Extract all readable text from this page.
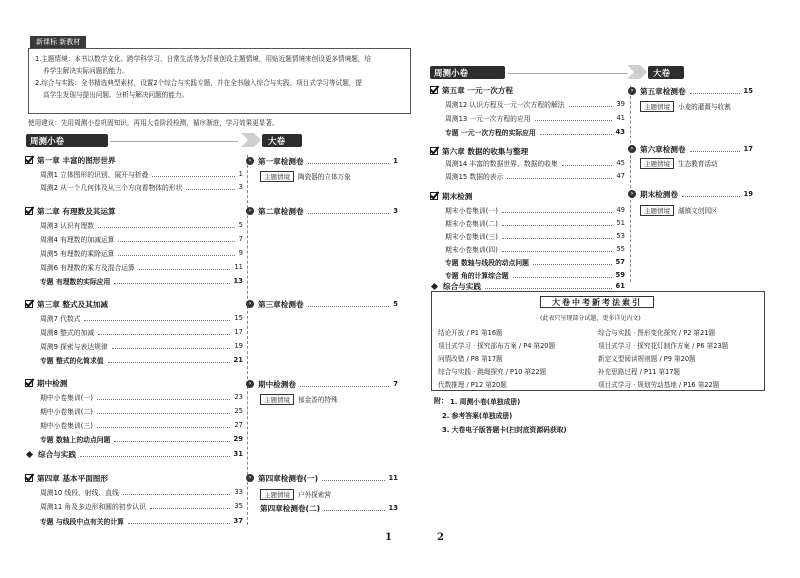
新课标 新教材
1.主题情境：本书以数学文化、跨学科学习、日常生活等为背景创设主题情境，用贴近题情境来创设更多情境题，培
养学生解决实际问题的能力。
2.综合与实践：全书精选典型素材，设置2个综合与实践专题，并在全书融入综合与实践、项目式学习等试题，提
高学生发现与提出问题、分析与解决问题的能力。
使用建议：先用周测小卷巩固知识，再用大卷阶段检测，循序渐进，学习效果更显著。
周测小卷	大卷
第一章 丰富的图形世界
周测1 立体图形的识别、展开与折叠	1
周测2 从一个几何体及从三个方向看物体的形状	3
第二章 有理数及其运算
周测3 认识有理数	5
周测4 有理数的加减运算	7
周测5 有理数的乘除运算	9
周测6 有理数的乘方及混合运算	11
专题 有理数的实际应用	13
第三章 整式及其加减
周测7 代数式	15
周测8 整式的加减	17
周测9 探索与表达规律	19
专题 整式的化简求值	21
期中检测
期中小卷集训(一)	23
期中小卷集训(二)	25
期中小卷集训(三)	27
专题 数轴上的动点问题	29
综合与实践	31
第四章 基本平面图形
周测10 线段、射线、直线	33
周测11 角及多边形和圆的初步认识	35
专题 与线段中点有关的计算	37
› 第一章检测卷	1
主题情境	陶瓷器的立体万象
› 第二章检测卷	3
› 第三章检测卷	5
› 期中检测卷	7
主题情境	郁金香的特殊
› 第四章检测卷(一)	11
主题情境	户外探索营
第四章检测卷(二)	13
1
周测小卷	大卷
第五章 一元一次方程
周测12 认识方程及一元一次方程的解法	39
周测13 一元一次方程的应用	41
专题 一元一次方程的实际应用	43
第六章 数据的收集与整理
周测14 丰富的数据世界、数据的收集	45
周测15 数据的表示	47
期末检测
期末小卷集训(一)	49
期末小卷集训(二)	51
期末小卷集训(三)	53
期末小卷集训(四)	55
专题 数轴与线段的动点问题	57
专题 角的计算综合题	59
综合与实践	61
› 第五章检测卷	15
主题情境	小麦的灌溉与收割
› 第六章检测卷	17
主题情境	生态教育活动
› 期末检测卷	19
主题情境	湖镇文创园区
大卷中考新考法索引
(此表只呈现部分试题，更多详见内文)
结论开放 / P1 第16题	综合与实践 · 图形变化探究 / P2 第21题
项目式学习 · 探究部布方案 / P4 第20题	项目式学习 · 探究花灯制作方案 / P6 第23题
问情改错 / P8 第17题	新定义型阅读规则题 / P9 第20题
综合与实践 · 跳绳探究 / P10 第22题	补充思路过程 / P11 第17题
代数推理 / P12 第20题	项目式学习 · 规划劳动基地 / P16 第22题
附： 1. 周测小卷(单独成册)
2. 参考答案(单独成册)
3. 大卷电子版答题卡(扫封底资源码获取)
2
